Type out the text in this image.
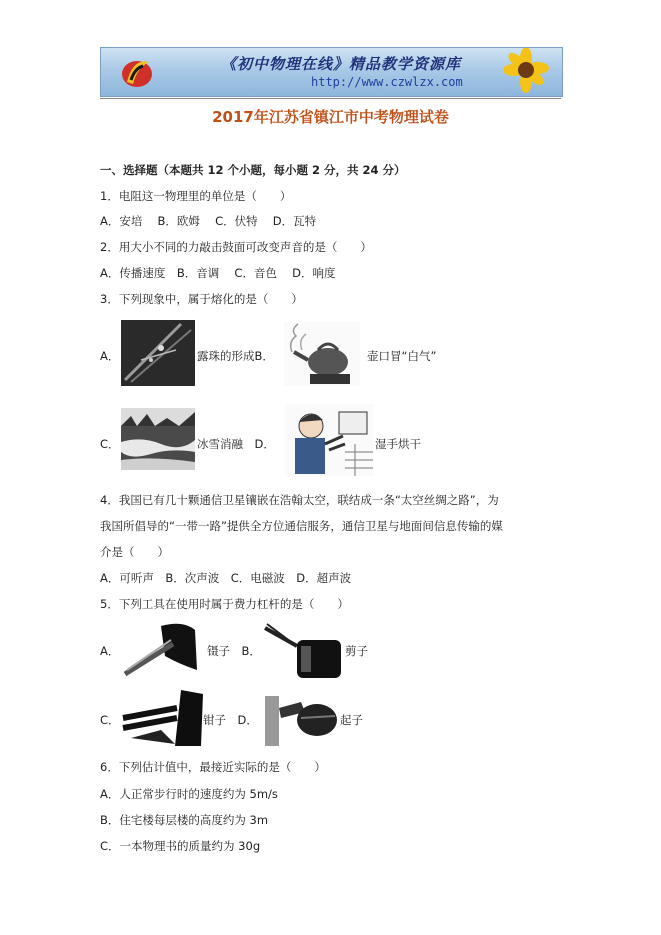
《初中物理在线》精品教学资源库
http://www.czwlzx.com
2017年江苏省镇江市中考物理试卷
一、选择题（本题共 12 个小题，每小题 2 分，共 24 分）
1．电阻这一物理里的单位是（　　）
A．安培　 B．欧姆　 C．伏特　 D．瓦特
2．用大小不同的力敲击鼓面可改变声音的是（　　）
A．传播速度　B．音调　 C．音色　 D．响度
3．下列现象中，属于熔化的是（　　）
A．	露珠的形成B．	壶口冒“白气”
C．	冰雪消融　D．	湿手烘干
4．我国已有几十颗通信卫星镶嵌在浩翰太空，联结成一条“太空丝绸之路”，为
我国所倡导的“一带一路”提供全方位通信服务，通信卫星与地面间信息传输的媒
介是（　　）
A．可听声　B．次声波　C．电磁波　D．超声波
5．下列工具在使用时属于费力杠杆的是（　　）
A．	镊子　B．	剪子
C．	钳子　D．	起子
6．下列估计值中，最接近实际的是（　　）
A．人正常步行时的速度约为 5m/s
B．住宅楼每层楼的高度约为 3m
C．一本物理书的质量约为 30g
